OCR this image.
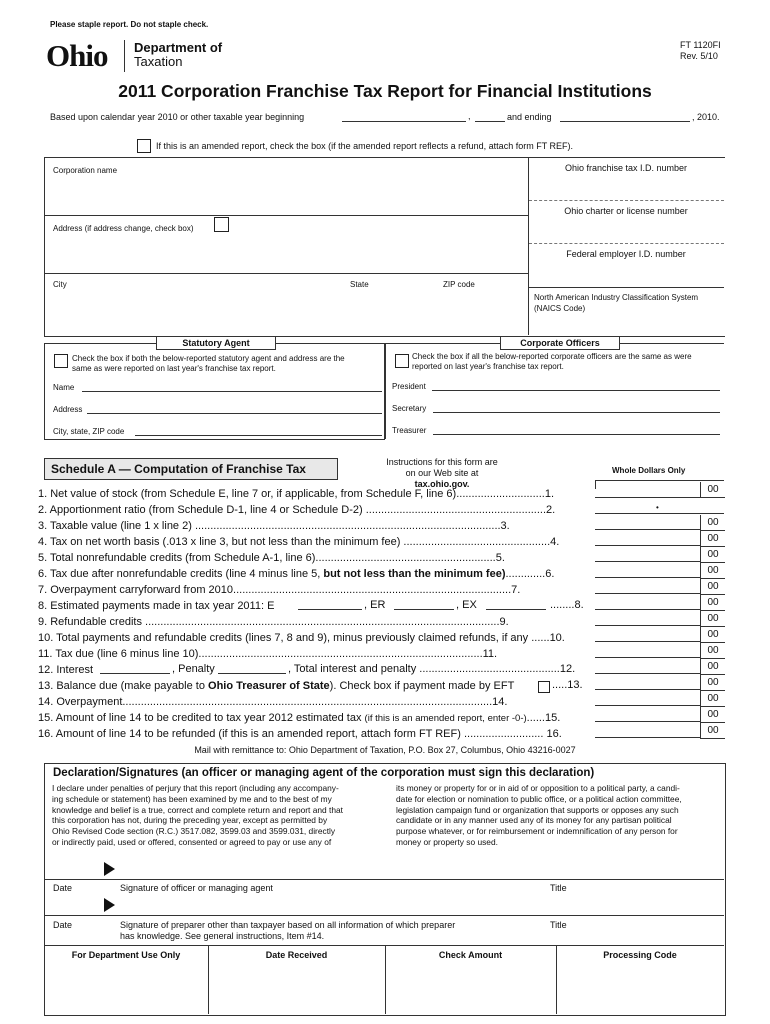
Please staple report. Do not staple check.
Ohio Department of
Taxation
FT 1120FI
Rev. 5/10
2011 Corporation Franchise Tax Report for Financial Institutions
Based upon calendar year 2010 or other taxable year beginning	,	and ending	, 2010.
If this is an amended report, check the box (if the amended report reflects a refund, attach form FT REF).
Corporation name	Ohio franchise tax I.D. number
Address (if address change, check box)
Ohio charter or license number
Federal employer I.D. number
City	State	ZIP code
North American Industry Classification System
(NAICS Code)
Statutory Agent
Check the box if both the below-reported statutory agent and address are the
same as were reported on last year's franchise tax report.
Name
Address
City, state, ZIP code
Corporate Officers
Check the box if all the below-reported corporate officers are the same as were
reported on last year's franchise tax report.
President
Secretary
Treasurer
Schedule A — Computation of Franchise Tax	Instructions for this form are
on our Web site at tax.ohio.gov.
Whole Dollars Only
1. Net value of stock (from Schedule E, line 7 or, if applicable, from Schedule F, line 6).............................1.	00
2. Apportionment ratio (from Schedule D-1, line 4 or Schedule D-2) ...........................................................2.	•
3. Taxable value (line 1 x line 2) ....................................................................................................3.	00
4. Tax on net worth basis (.013 x line 3, but not less than the minimum fee) ................................................4.	00
5. Total nonrefundable credits (from Schedule A-1, line 6)...........................................................5.	00
6. Tax due after nonrefundable credits (line 4 minus line 5, but not less than the minimum fee).............6.	00
7. Overpayment carryforward from 2010...........................................................................................7.	00
8. Estimated payments made in tax year 2011: E	, ER	, EX	........8.	00
9. Refundable credits ....................................................................................................................9.	00
10. Total payments and refundable credits (lines 7, 8 and 9), minus previously claimed refunds, if any ......10.	00
11. Tax due (line 6 minus line 10).............................................................................................11.	00
12. Interest	, Penalty	, Total interest and penalty ..............................................12.	00
13. Balance due (make payable to Ohio Treasurer of State). Check box if payment made by EFT	.....13.	00
14. Overpayment.........................................................................................................................14.	00
15. Amount of line 14 to be credited to tax year 2012 estimated tax (if this is an amended report, enter -0-)......15.	00
16. Amount of line 14 to be refunded (if this is an amended report, attach form FT REF) .......................... 16.	00
Mail with remittance to: Ohio Department of Taxation, P.O. Box 27, Columbus, Ohio 43216-0027
Declaration/Signatures (an officer or managing agent of the corporation must sign this declaration)
I declare under penalties of perjury that this report (including any accompany-
ing schedule or statement) has been examined by me and to the best of my
knowledge and belief is a true, correct and complete return and report and that
this corporation has not, during the preceding year, except as permitted by
Ohio Revised Code section (R.C.) 3517.082, 3599.03 and 3599.031, directly
or indirectly paid, used or offered, consented or agreed to pay or use any of
its money or property for or in aid of or opposition to a political party, a candi-
date for election or nomination to public office, or a political action committee,
legislation campaign fund or organization that supports or opposes any such
candidate or in any manner used any of its money for any partisan political
purpose whatever, or for reimbursement or indemnification of any person for
money or property so used.
Date	Signature of officer or managing agent	Title
Date	Signature of preparer other than taxpayer based on all information of which preparer
has knowledge. See general instructions, Item #14.
Title
For Department Use Only	Date Received	Check Amount	Processing Code
